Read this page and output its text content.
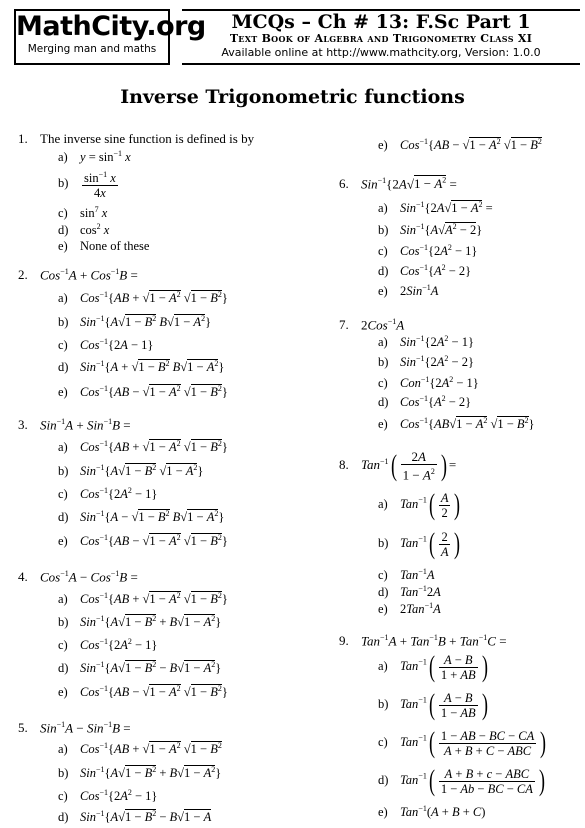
MathCity.org
Merging man and maths
MCQs – Ch # 13: F.Sc Part 1
Text Book of Algebra and Trigonometry Class XI
Available online at http://www.mathcity.org, Version: 1.0.0
Inverse Trigonometric functions
1. The inverse sine function is defined is by
a) $y = \sin^{-1} x$
$b) \frac{\sin^{-1} x}{4x}$
c) $\sin^7 x$
d) $\cos^2 x$
e) None of these
2. Cos$^{-1}$A + Cos$^{-1}$B =
a) $Cos^{-1}\{AB + √1 - A^2$ $√1 - B^2$}
b) $Sin^{-1}\{A√1 - B^2$ $B√1 - A^2$}
c) Cos$^{-1}${2A − 1}
d) $Sin^{-1}\{A + √1 - B^2$ $B√1 - A^2$}
e) $Cos^{-1}\{AB - √1 - A^2$ $√1 - B^2$}
3. Sin$^{-1}$A + Sin$^{-1}$B =
a) $Cos^{-1}\{AB + √1 - A^2$ $√1 - B^2$}
b) $Sin^{-1}\{A√1 - B^2$ $√1 - A^2$}
c) $Cos^{-1}\{2A^2 - 1\}$
d) $Sin^{-1}\{A - √1 - B^2$ $B√1 - A^2$}
e) $Cos^{-1}\{AB - √1 - A^2$ $√1 - B^2$}
4. Cos$^{-1}$A − Cos$^{-1}$B =
a) $Cos^{-1}\{AB + √1 - A^2$ $√1 - B^2$}
b) $Sin^{-1}\{A√1 - B^2 + B√1 - A^2\}$
c) $Cos^{-1}\{2A^2 - 1\}$
d) $Sin^{-1}\{A√1 - B^2 - B√1 - A^2\}$
e) $Cos^{-1}\{AB - √1 - A^2$ $√1 - B^2$}
5. Sin$^{-1}$A − Sin$^{-1}$B =
a) $Cos^{-1}\{AB + √1 - A^2$ $√1 - B^2$
b) $Sin^{-1}\{A√1 - B^2 + B√1 - A^2\}$
c) $Cos^{-1}\{2A^2 - 1\}$
d) $Sin^{-1}\{A√1 - B^2 - B√1 - A$
e) $Cos^{-1}\{AB - √1 - A^2$ $√1 - B^2$
6. $Sin^{-1}\{2A√1 - A^2$ =
a) $Sin^{-1}\{2A√1 - A^2$ =
b) $Sin^{-1}\{A√A^2 - 2\}$
c) $Cos^{-1}\{2A^2 - 1\}$
d) $Cos^{-1}\{A^2 - 2\}$
e) 2Sin$^{-1}$A
7. 2Cos$^{-1}$A
a) $Sin^{-1}\{2A^2 - 1\}$
b) $Sin^{-1}\{2A^2 - 2\}$
c) $Con^{-1}\{2A^2 - 1\}$
d) $Cos^{-1}\{A^2 - 2\}$
e) $Cos^{-1}\{AB√1 - A^2$ $√1 - B^2$}
8. $Tan^{-1}( \frac{2A}{1 - A^2}$ ) =
a) $Tan^{-1}( \frac{A}{2}$ )
b) $Tan^{-1}( \frac{2}{A}$ )
c) Tan$^{-1}$A
d) Tan$^{-1}$2A
e) 2Tan$^{-1}$A
9. Tan$^{-1}$A + Tan$^{-1}$B + Tan$^{-1}$C =
a) $Tan^{-1}( \frac{A - B}{1 + AB}$ )
b) $Tan^{-1}( \frac{A - B}{1 - AB}$ )
c) $Tan^{-1}( \frac{1 - AB - BC - CA}{\text{A + B + C − ABC}}$ )
d) $Tan^{-1}( \frac{\text{A + B + c − ABC}}{1 - Ab - BC - CA}$ )
e) Tan$^{-1}$(A + B + C)
